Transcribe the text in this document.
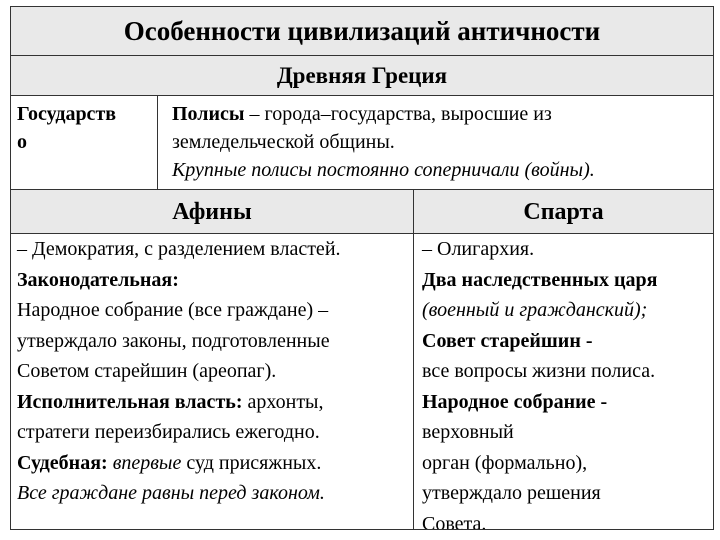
Особенности цивилизаций античности
Древняя Греция
Государств
о
Полисы – города–государства, выросшие из
земледельческой общины.
Крупные полисы постоянно соперничали (войны).
Афины	Спарта
– Демократия, с разделением властей.
Законодательная:
Народное собрание (все граждане) –
утверждало законы, подготовленные
Советом старейшин (ареопаг).
Исполнительная власть: архонты,
стратеги переизбирались ежегодно.
Судебная: впервые суд присяжных.
Все граждане равны перед законом.
– Олигархия.
Два наследственных царя
(военный и гражданский);
Совет старейшин -
все вопросы жизни полиса.
Народное собрание -
верховный
орган (формально),
утверждало решения
Совета.
